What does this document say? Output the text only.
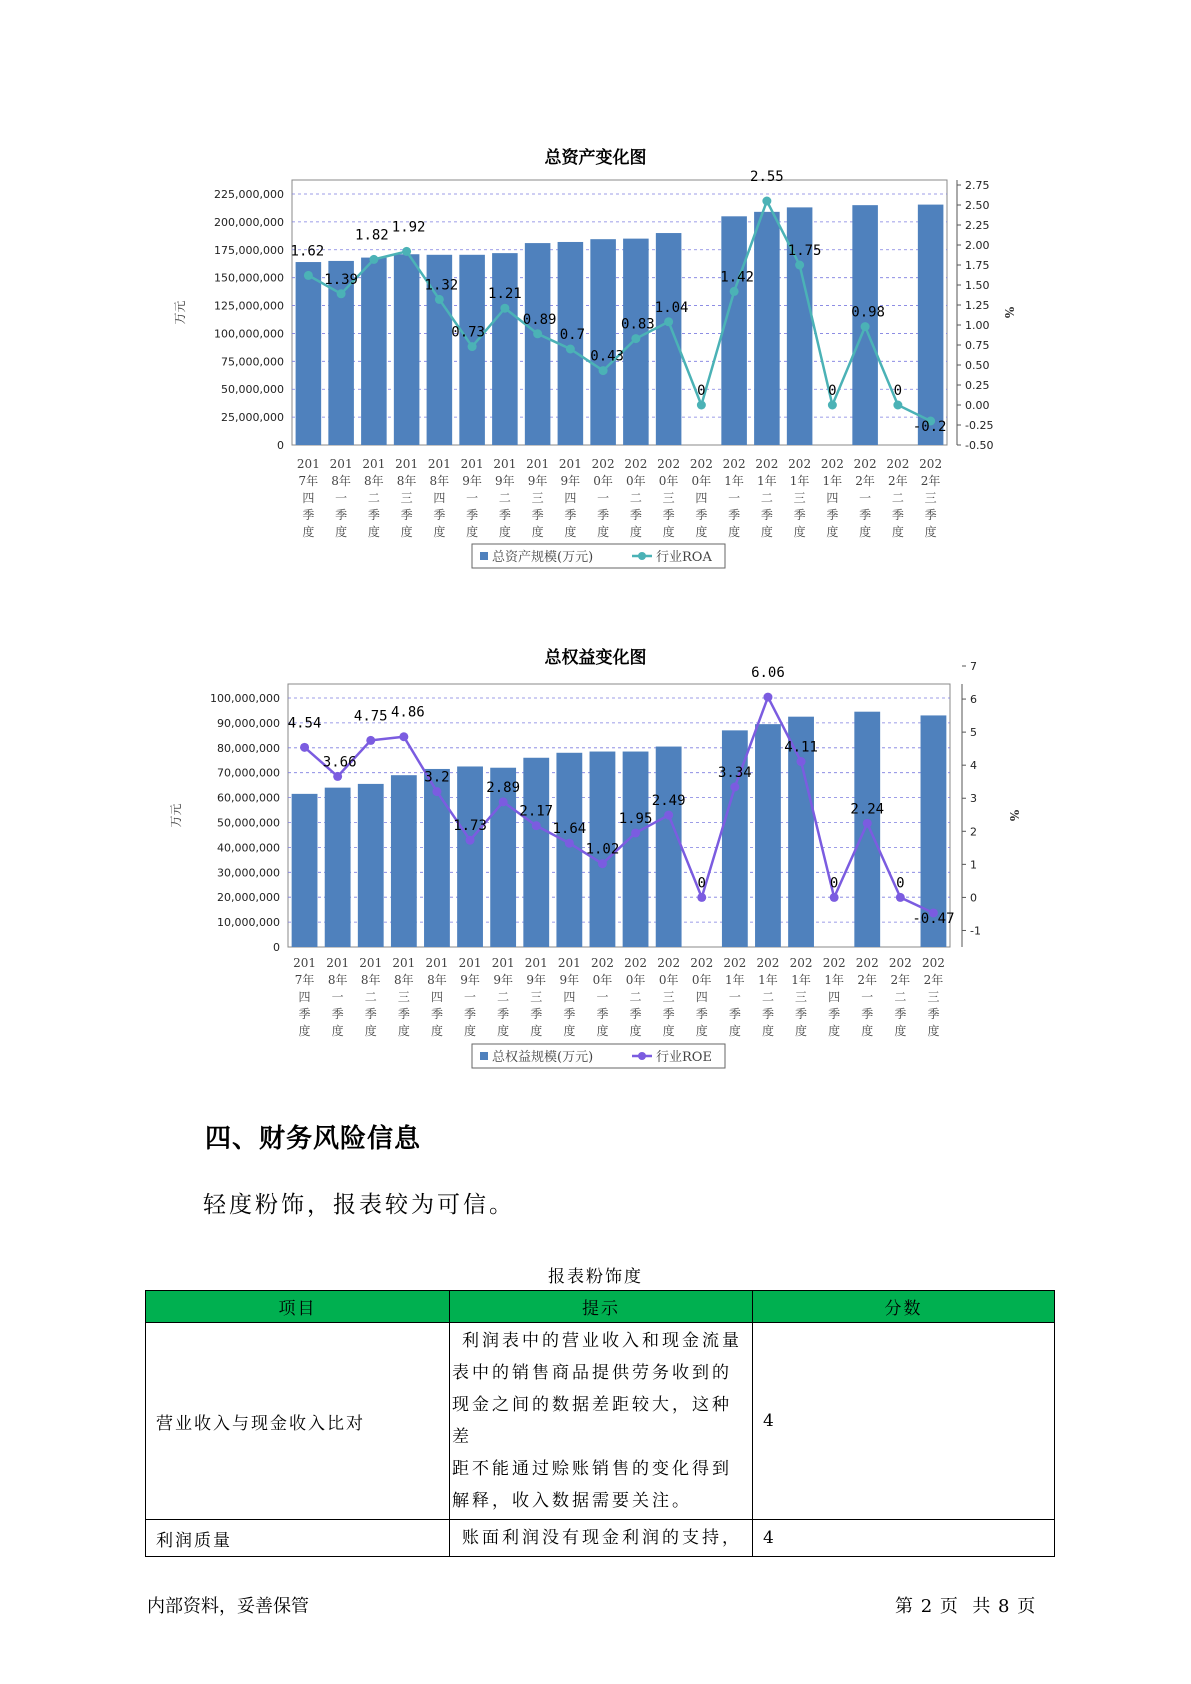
总资产变化图
0
25,000,000
50,000,000
75,000,000
100,000,000
125,000,000
150,000,000
175,000,000
200,000,000
225,000,000
-0.50
-0.25
0.00
0.25
0.50
0.75
1.00
1.25
1.50
1.75
2.00
2.25
2.50
2.75
万元	%
1.62
1.39
1.82 1.92
1.32
0.73
1.21
0.89
0.7
0.43
0.83
1.04
0
1.42
2.55
1.75
0
0.98
0
-0.2
201
7年
四
季
度
201
8年
一
季
度
201
8年
二
季
度
201
8年
三
季
度
201
8年
四
季
度
201
9年
一
季
度
201
9年
二
季
度
201
9年
三
季
度
201
9年
四
季
度
202
0年
一
季
度
202
0年
二
季
度
202
0年
三
季
度
202
0年
四
季
度
202
1年
一
季
度
202
1年
二
季
度
202
1年
三
季
度
202
1年
四
季
度
202
2年
一
季
度
202
2年
二
季
度
202
2年
三
季
度
总资产规模(万元)	行业ROA
总权益变化图
0
10,000,000
20,000,000
30,000,000
40,000,000
50,000,000
60,000,000
70,000,000
80,000,000
90,000,000
100,000,000
-1
0
1
2
3
4
5
6
7
万元	%
4.54
3.66
4.75 4.86
3.2
1.73
2.89
2.17
1.64
1.02
1.95
2.49
0
3.34
6.06
4.11
0
2.24
0
-0.47
201
7年
四
季
度
201
8年
一
季
度
201
8年
二
季
度
201
8年
三
季
度
201
8年
四
季
度
201
9年
一
季
度
201
9年
二
季
度
201
9年
三
季
度
201
9年
四
季
度
202
0年
一
季
度
202
0年
二
季
度
202
0年
三
季
度
202
0年
四
季
度
202
1年
一
季
度
202
1年
二
季
度
202
1年
三
季
度
202
1年
四
季
度
202
2年
一
季
度
202
2年
二
季
度
202
2年
三
季
度
总权益规模(万元)	行业ROE
四、财务风险信息

轻度粉饰，报表较为可信。

报表粉饰度
项目	提示	分数
营业收入与现金收入比对	利润表中的营业收入和现金流量
表中的销售商品提供劳务收到的
现金之间的数据差距较大，这种差
距不能通过赊账销售的变化得到
解释，收入数据需要关注。	4
利润质量	账面利润没有现金利润的支持，	4
内部资料，妥善保管	第 2 页  共 8 页
